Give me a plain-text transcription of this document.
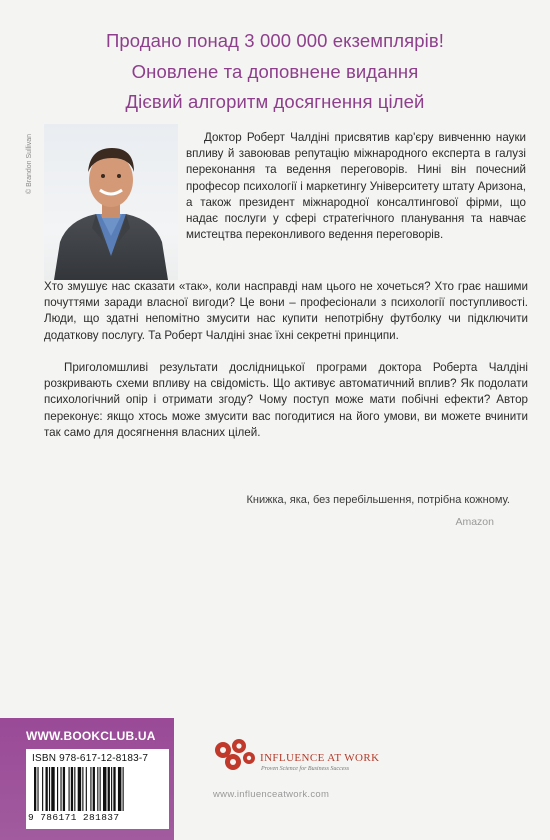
Продано понад 3 000 000 екземплярів!
Оновлене та доповнене видання
Дієвий алгоритм досягнення цілей
© Brandon Sullivan	Доктор Роберт Чалдіні присвятив кар'єру вивченню науки впливу й завоював репутацію міжнародного експерта в галузі переконання та ведення переговорів. Нині він почесний професор психології і маркетингу Університету штату Аризона, а також президент міжнародної консалтингової фірми, що надає послуги у сфері стратегічного планування та навчає мистецтва переконливого ведення переговорів.

Хто змушує нас сказати «так», коли насправді нам цього не хочеться? Хто грає нашими почуттями заради власної вигоди? Це вони – професіонали з психології поступливості. Люди, що здатні непомітно змусити нас купити непотрібну футболку чи підключити додаткову послугу. Та Роберт Чалдіні знає їхні секретні принципи.

Приголомшливі результати дослідницької програми доктора Роберта Чалдіні розкривають схеми впливу на свідомість. Що активує автоматичний вплив? Як подолати психологічний опір і отримати згоду? Чому поступ може мати побічні ефекти? Автор переконує: якщо хтось може змусити вас погодитися на його умови, ви можете вчинити так само для досягнення власних цілей.

Книжка, яка, без перебільшення, потрібна кожному.
Amazon
WWW.BOOKCLUB.UA
ISBN 978-617-12-8183-7
9 786171 281837
INFLUENCE AT WORK
Proven Science for Business Success
www.influenceatwork.com
